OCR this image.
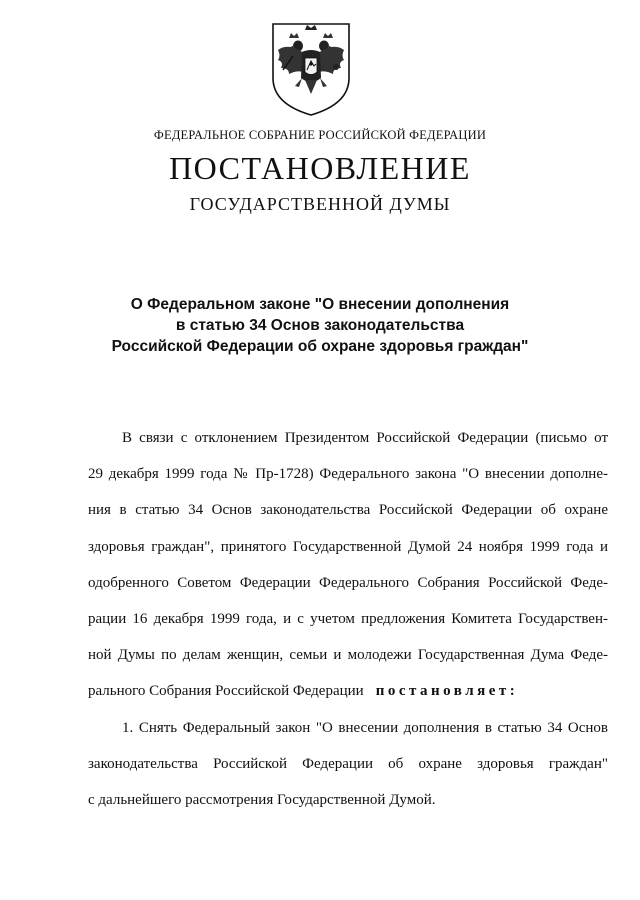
ФЕДЕРАЛЬНОЕ СОБРАНИЕ РОССИЙСКОЙ ФЕДЕРАЦИИ
ПОСТАНОВЛЕНИЕ
ГОСУДАРСТВЕННОЙ ДУМЫ
О Федеральном законе "О внесении дополнения
в статью 34 Основ законодательства
Российской Федерации об охране здоровья граждан"
В связи с отклонением Президентом Российской Федерации (письмо от
29 декабря 1999 года № Пр-1728) Федерального закона "О внесении дополне-
ния в статью 34 Основ законодательства Российской Федерации об охране
здоровья граждан", принятого Государственной Думой 24 ноября 1999 года и
одобренного Советом Федерации Федерального Собрания Российской Феде-
рации 16 декабря 1999 года, и с учетом предложения Комитета Государствен-
ной Думы по делам женщин, семьи и молодежи Государственная Дума Феде-
рального Собрания Российской Федерации постановляет:
1. Снять Федеральный закон "О внесении дополнения в статью 34 Основ
законодательства Российской Федерации об охране здоровья граждан"
с дальнейшего рассмотрения Государственной Думой.
